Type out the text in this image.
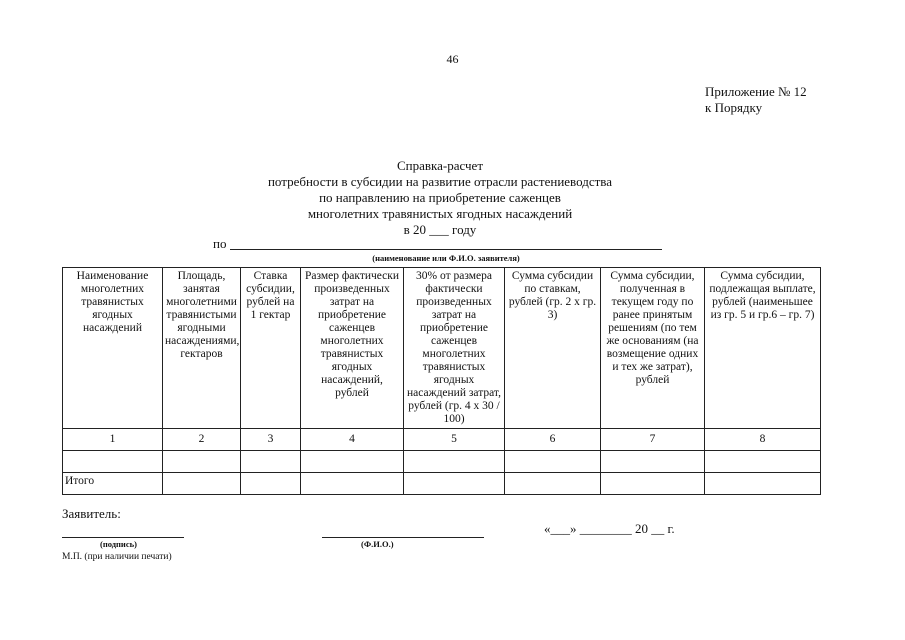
46
Приложение № 12
к Порядку
Справка-расчет
потребности в субсидии на развитие отрасли растениеводства
по направлению на приобретение саженцев
многолетних травянистых ягодных насаждений
в 20 ___ году
по
(наименование или Ф.И.О. заявителя)
Наименование многолетних травянистых ягодных насаждений	Площадь, занятая многолетними травянистыми ягодными насаждениями, гектаров	Ставка субсидии, рублей на 1 гектар	Размер фактически произведенных затрат на приобретение саженцев многолетних травянистых ягодных насаждений, рублей	30% от размера фактически произведенных затрат на приобретение саженцев многолетних травянистых ягодных насаждений затрат, рублей (гр. 4 х 30 / 100)	Сумма субсидии по ставкам, рублей (гр. 2 х гр. 3)	Сумма субсидии, полученная в текущем году по ранее принятым решениям (по тем же основаниям (на возмещение одних и тех же затрат), рублей	Сумма субсидии, подлежащая выплате, рублей (наименьшее из гр. 5 и гр.6 – гр. 7)
1	2	3	4	5	6	7	8

Итого							
Заявитель:
(подпись)
М.П. (при наличии печати)
(Ф.И.О.)
«___» ________ 20 __ г.
